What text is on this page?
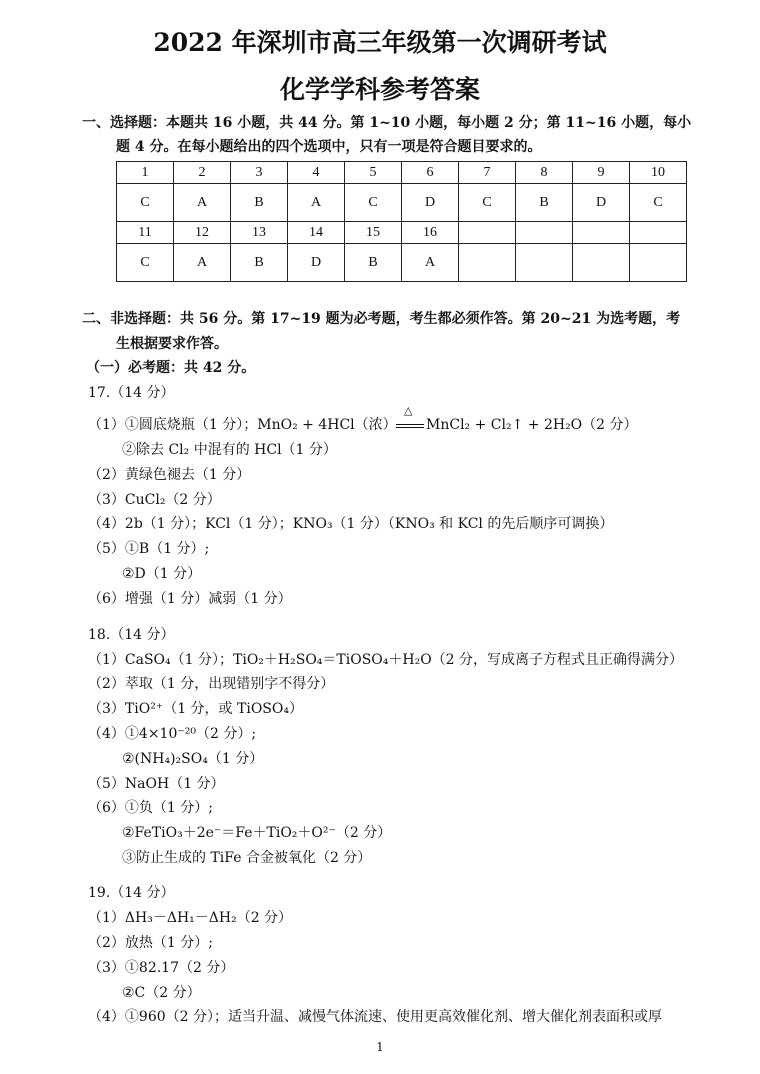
2022 年深圳市高三年级第一次调研考试
化学学科参考答案
一、选择题：本题共 16 小题，共 44 分。第 1~10 小题，每小题 2 分；第 11~16 小题，每小
题 4 分。在每小题给出的四个选项中，只有一项是符合题目要求的。
1	2	3	4	5	6	7	8	9	10
C	A	B	A	C	D	C	B	D	C
11	12	13	14	15	16				
C	A	B	D	B	A				
二、非选择题：共 56 分。第 17~19 题为必考题，考生都必须作答。第 20~21 为选考题，考
生根据要求作答。
（一）必考题：共 42 分。
17.（14 分）
（1）①圆底烧瓶（1 分）；MnO₂ + 4HCl（浓）
△
MnCl₂ + Cl₂↑ + 2H₂O（2 分）
②除去 Cl₂ 中混有的 HCl（1 分）
（2）黄绿色褪去（1 分）
（3）CuCl₂（2 分）
（4）2b（1 分）；KCl（1 分）；KNO₃（1 分）（KNO₃ 和 KCl 的先后顺序可调换）
（5）①B（1 分）;
②D（1 分）
（6）增强（1 分）减弱（1 分）
18.（14 分）
（1）CaSO₄（1 分）；TiO₂＋H₂SO₄＝TiOSO₄＋H₂O（2 分，写成离子方程式且正确得满分）
（2）萃取（1 分，出现错别字不得分）
（3）TiO²⁺（1 分，或 TiOSO₄）
（4）①4×10⁻²⁰（2 分）;
②(NH₄)₂SO₄（1 分）
（5）NaOH（1 分）
（6）①负（1 分）;
②FeTiO₃＋2e⁻＝Fe＋TiO₂＋O²⁻（2 分）
③防止生成的 TiFe 合金被氧化（2 分）
19.（14 分）
（1）ΔH₃－ΔH₁－ΔH₂（2 分）
（2）放热（1 分）;
（3）①82.17（2 分）
②C（2 分）
（4）①960（2 分）；适当升温、减慢气体流速、使用更高效催化剂、增大催化剂表面积或厚
1
